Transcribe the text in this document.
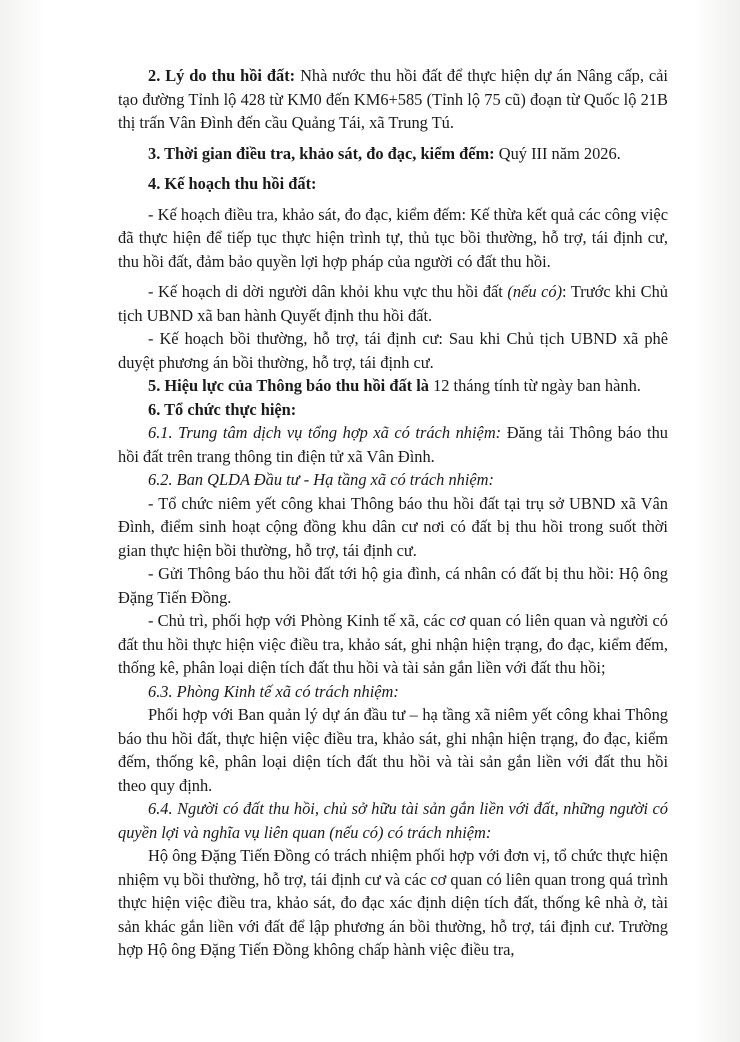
2. Lý do thu hồi đất: Nhà nước thu hồi đất để thực hiện dự án Nâng cấp, cải tạo đường Tỉnh lộ 428 từ KM0 đến KM6+585 (Tỉnh lộ 75 cũ) đoạn từ Quốc lộ 21B thị trấn Vân Đình đến cầu Quảng Tái, xã Trung Tú.

3. Thời gian điều tra, khảo sát, đo đạc, kiểm đếm: Quý III năm 2026.

4. Kế hoạch thu hồi đất:

- Kế hoạch điều tra, khảo sát, đo đạc, kiểm đếm: Kế thừa kết quả các công việc đã thực hiện để tiếp tục thực hiện trình tự, thủ tục bồi thường, hỗ trợ, tái định cư, thu hồi đất, đảm bảo quyền lợi hợp pháp của người có đất thu hồi.

- Kế hoạch di dời người dân khỏi khu vực thu hồi đất (nếu có): Trước khi Chủ tịch UBND xã ban hành Quyết định thu hồi đất.

- Kế hoạch bồi thường, hỗ trợ, tái định cư: Sau khi Chủ tịch UBND xã phê duyệt phương án bồi thường, hỗ trợ, tái định cư.

5. Hiệu lực của Thông báo thu hồi đất là 12 tháng tính từ ngày ban hành.

6. Tổ chức thực hiện:

6.1. Trung tâm dịch vụ tổng hợp xã có trách nhiệm: Đăng tải Thông báo thu hồi đất trên trang thông tin điện tử xã Vân Đình.

6.2. Ban QLDA Đầu tư - Hạ tầng xã có trách nhiệm:

- Tổ chức niêm yết công khai Thông báo thu hồi đất tại trụ sở UBND xã Vân Đình, điểm sinh hoạt cộng đồng khu dân cư nơi có đất bị thu hồi trong suốt thời gian thực hiện bồi thường, hỗ trợ, tái định cư.

- Gửi Thông báo thu hồi đất tới hộ gia đình, cá nhân có đất bị thu hồi: Hộ ông Đặng Tiến Đồng.

- Chủ trì, phối hợp với Phòng Kinh tế xã, các cơ quan có liên quan và người có đất thu hồi thực hiện việc điều tra, khảo sát, ghi nhận hiện trạng, đo đạc, kiểm đếm, thống kê, phân loại diện tích đất thu hồi và tài sản gắn liền với đất thu hồi;

6.3. Phòng Kinh tế xã có trách nhiệm:

Phối hợp với Ban quản lý dự án đầu tư – hạ tầng xã niêm yết công khai Thông báo thu hồi đất, thực hiện việc điều tra, khảo sát, ghi nhận hiện trạng, đo đạc, kiểm đếm, thống kê, phân loại diện tích đất thu hồi và tài sản gắn liền với đất thu hồi theo quy định.

6.4. Người có đất thu hồi, chủ sở hữu tài sản gắn liền với đất, những người có quyền lợi và nghĩa vụ liên quan (nếu có) có trách nhiệm:

Hộ ông Đặng Tiến Đồng có trách nhiệm phối hợp với đơn vị, tổ chức thực hiện nhiệm vụ bồi thường, hỗ trợ, tái định cư và các cơ quan có liên quan trong quá trình thực hiện việc điều tra, khảo sát, đo đạc xác định diện tích đất, thống kê nhà ở, tài sản khác gắn liền với đất để lập phương án bồi thường, hỗ trợ, tái định cư. Trường hợp Hộ ông Đặng Tiến Đồng không chấp hành việc điều tra,
